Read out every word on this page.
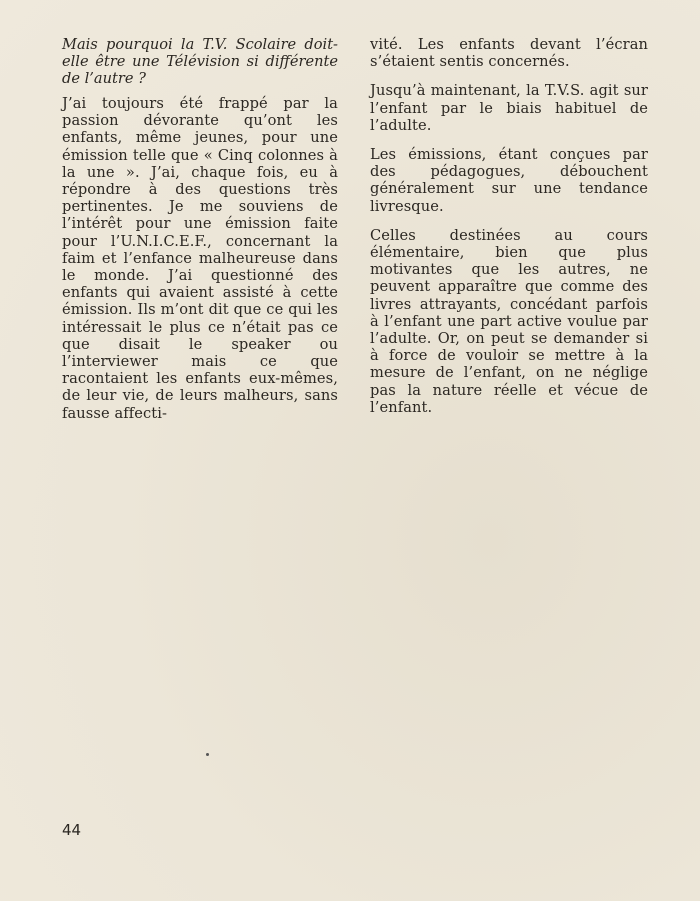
Mais pourquoi la T.V. Scolaire doit-elle être une Télévision si différente de l’autre ?

J’ai toujours été frappé par la passion dévorante qu’ont les enfants, même jeunes, pour une émission telle que « Cinq colonnes à la une ». J’ai, chaque fois, eu à répondre à des questions très pertinentes. Je me souviens de l’intérêt pour une émission faite pour l’U.N.I.C.E.F., concernant la faim et l’enfance malheureuse dans le monde. J’ai questionné des enfants qui avaient assisté à cette émission. Ils m’ont dit que ce qui les intéressait le plus ce n’était pas ce que disait le speaker ou l’interviewer mais ce que racontaient les enfants eux-mêmes, de leur vie, de leurs malheurs, sans fausse affecti-

vité. Les enfants devant l’écran s’étaient sentis concernés.

Jusqu’à maintenant, la T.V.S. agit sur l’enfant par le biais habituel de l’adulte.

Les émissions, étant conçues par des pédagogues, débouchent généralement sur une tendance livresque.

Celles destinées au cours élémentaire, bien que plus motivantes que les autres, ne peuvent apparaître que comme des livres attrayants, concédant parfois à l’enfant une part active voulue par l’adulte. Or, on peut se demander si à force de vouloir se mettre à la mesure de l’enfant, on ne néglige pas la nature réelle et vécue de l’enfant.

44
